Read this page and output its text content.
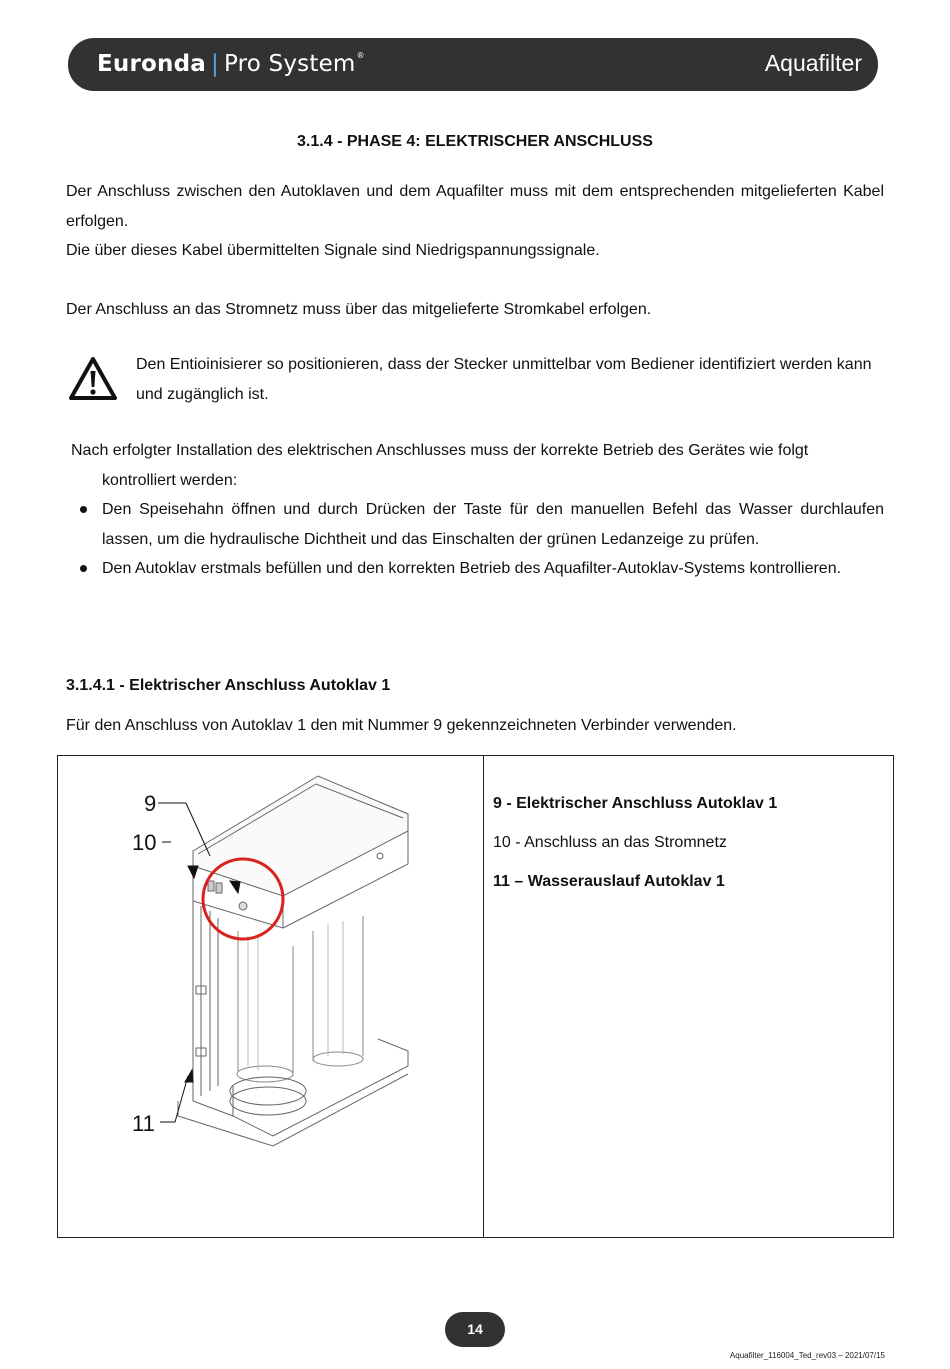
Euronda | Pro System®	Aquafilter
3.1.4 - PHASE 4: ELEKTRISCHER ANSCHLUSS

Der Anschluss zwischen den Autoklaven und dem Aquafilter muss mit dem entsprechenden mitgelieferten Kabel erfolgen.

Die über dieses Kabel übermittelten Signale sind Niedrigspannungssignale.

Der Anschluss an das Stromnetz muss über das mitgelieferte Stromkabel erfolgen.

Den Entioinisierer so positionieren, dass der Stecker unmittelbar vom Bediener identifiziert werden kann und zugänglich ist.

Nach erfolgter Installation des elektrischen Anschlusses muss der korrekte Betrieb des Gerätes wie folgt
kontrolliert werden:
Den Speisehahn öffnen und durch Drücken der Taste für den manuellen Befehl das Wasser durchlaufen lassen, um die hydraulische Dichtheit und das Einschalten der grünen Ledanzeige zu prüfen.
Den Autoklav erstmals befüllen und den korrekten Betrieb des Aquafilter-Autoklav-Systems kontrollieren.
3.1.4.1 - Elektrischer Anschluss Autoklav 1

Für den Anschluss von Autoklav 1 den mit Nummer 9 gekennzeichneten Verbinder verwenden.

9
10
11
9 - Elektrischer Anschluss Autoklav 1
10 - Anschluss an das Stromnetz
11 – Wasserauslauf Autoklav 1
14
Aquafilter_116004_Ted_rev03 – 2021/07/15
